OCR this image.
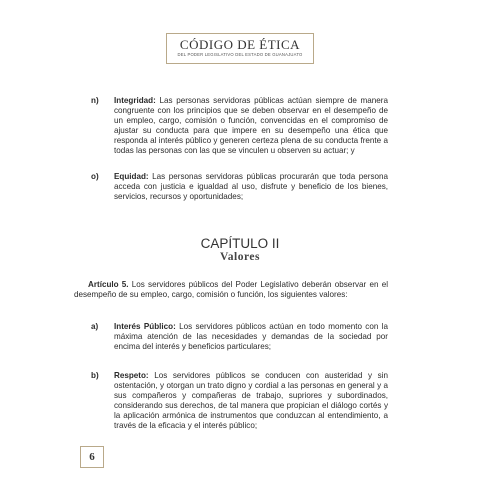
CÓDIGO DE ÉTICA
DEL PODER LEGISLATIVO DEL ESTADO DE GUANAJUATO
n) Integridad: Las personas servidoras públicas actúan siempre de manera congruente con los principios que se deben observar en el desempeño de un empleo, cargo, comisión o función, convencidas en el compromiso de ajustar su conducta para que impere en su desempeño una ética que responda al interés público y generen certeza plena de su conducta frente a todas las personas con las que se vinculen u observen su actuar; y
o) Equidad: Las personas servidoras públicas procurarán que toda persona acceda con justicia e igualdad al uso, disfrute y beneficio de los bienes, servicios, recursos y oportunidades;
CAPÍTULO II
Valores
Artículo 5. Los servidores públicos del Poder Legislativo deberán observar en el desempeño de su empleo, cargo, comisión o función, los siguientes valores:
a) Interés Público: Los servidores públicos actúan en todo momento con la máxima atención de las necesidades y demandas de la sociedad por encima del interés y beneficios particulares;
b) Respeto: Los servidores públicos se conducen con austeridad y sin ostentación, y otorgan un trato digno y cordial a las personas en general y a sus compañeros y compañeras de trabajo, supriores y subordinados, considerando sus derechos, de tal manera que propician el diálogo cortés y la aplicación armónica de instrumentos que conduzcan al entendimiento, a través de la eficacia y el interés público;
6
